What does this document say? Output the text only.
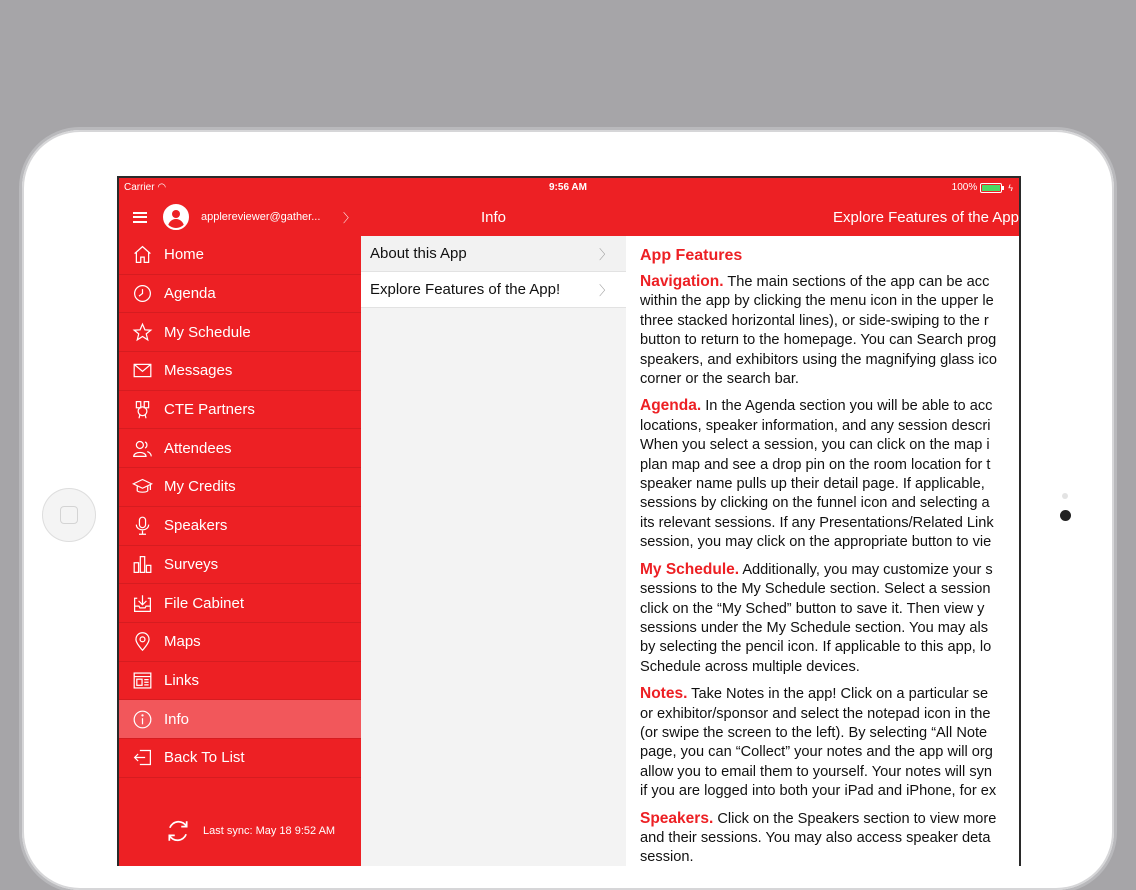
applereviewer@gather...	〉
Home
Agenda
My Schedule
Messages
CTE Partners
Attendees
My Credits
Speakers
Surveys
File Cabinet
Maps
Links
Info
Back To List
Last sync: May 18 9:52 AM
Info
About this App	〉
Explore Features of the App!	〉
Explore Features of the App
App Features
Navigation. The main sections of the app can be acc
within the app by clicking the menu icon in the upper le
three stacked horizontal lines), or side-swiping to the r
button to return to the homepage. You can Search prog
speakers, and exhibitors using the magnifying glass ico
corner or the search bar.
Agenda. In the Agenda section you will be able to acc
locations, speaker information, and any session descri
When you select a session, you can click on the map i
plan map and see a drop pin on the room location for t
speaker name pulls up their detail page. If applicable,
sessions by clicking on the funnel icon and selecting a
its relevant sessions. If any Presentations/Related Link
session, you may click on the appropriate button to vie
My Schedule. Additionally, you may customize your s
sessions to the My Schedule section. Select a session
click on the “My Sched” button to save it. Then view y
sessions under the My Schedule section. You may als
by selecting the pencil icon. If applicable to this app, lo
Schedule across multiple devices.
Notes. Take Notes in the app! Click on a particular se
or exhibitor/sponsor and select the notepad icon in the
(or swipe the screen to the left). By selecting “All Note
page, you can “Collect” your notes and the app will org
allow you to email them to yourself. Your notes will syn
if you are logged into both your iPad and iPhone, for ex
Speakers. Click on the Speakers section to view more
and their sessions. You may also access speaker deta
session.
Carrier ◠	9:56 AM	100%	ϟ
